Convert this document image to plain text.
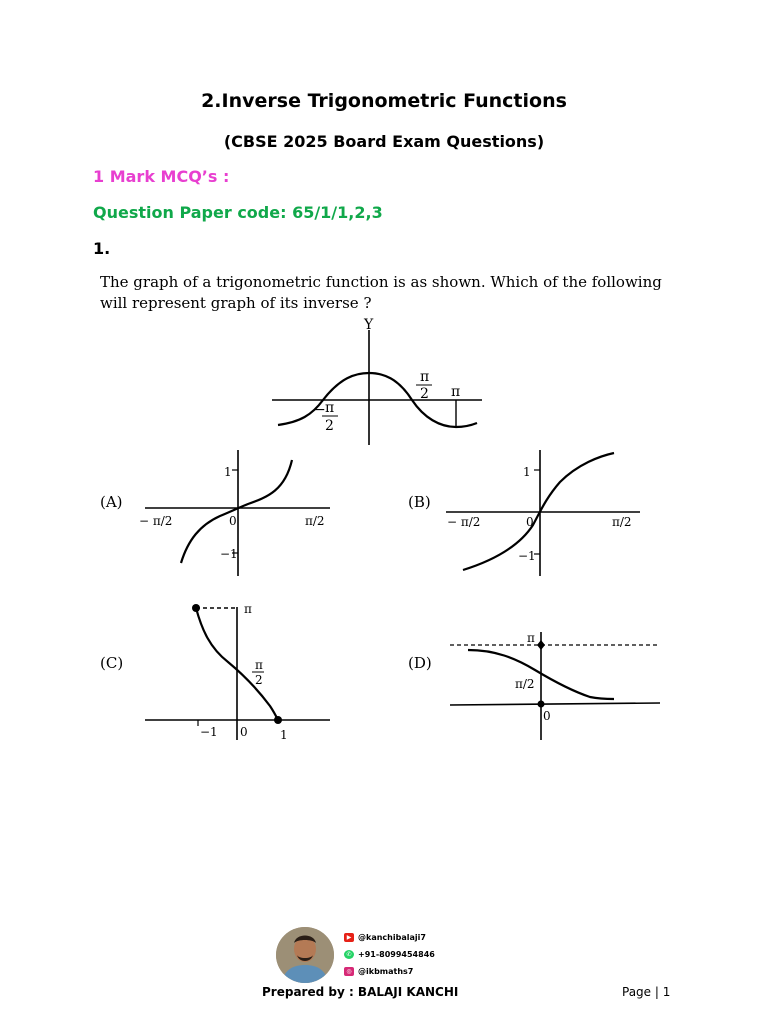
2.Inverse Trigonometric Functions
(CBSE 2025 Board Exam Questions)
1 Mark MCQ’s :
Question Paper code: 65/1/1,2,3
1.
The graph of a trigonometric function is as shown. Which of the following
will represent graph of its inverse ?
Y
π
2 π
− π
2
(A)
1
−1
− π/2	0	π/2
(B)
1
−1
− π/2	0	π/2
(C)
π
π
2
−1 0	1
(D)
π
π/2
0
▶ @kanchibalaji7
✆ +91-8099454846
◎ @ikbmaths7
Prepared by : BALAJI KANCHI	Page | 1
